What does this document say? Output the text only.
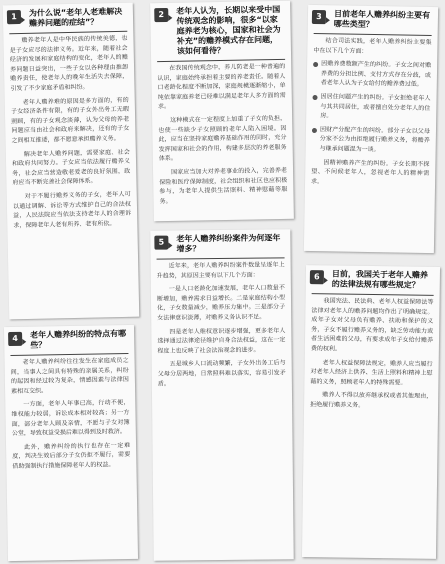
1	为什么说“老年人老难解决赡养问题的症结”？

赡养老年人是中华民族的传统美德，也是子女应尽的法律义务。近年来，随着社会经济的发展和家庭结构的变化，老年人的赡养问题日益突出，一些子女以各种理由推卸赡养责任，使老年人的晚年生活失去保障，引发了不少家庭矛盾和纠纷。

老年人赡养难的原因是多方面的，有的子女经济条件有限，有的子女外出务工无暇照顾，有的子女观念淡薄，认为父母的养老问题应当由社会和政府来解决，还有的子女之间相互推诿，都不愿意承担赡养义务。

解决老年人赡养问题，需要家庭、社会和政府共同努力。子女应当依法履行赡养义务，社会应当营造敬老爱老的良好氛围，政府应当不断完善社会保障体系。

对于不履行赡养义务的子女，老年人可以通过调解、诉讼等方式维护自己的合法权益，人民法院应当依法支持老年人的合理诉求，保障老年人老有所养、老有所依。

2	老年人认为，长期以来受中国传统观念的影响，很多“以家庭养老为核心，国家和社会为补充”的赡养模式存在问题，该如何看待？

在我国传统观念中，养儿防老是一种普遍的认识，家庭始终承担着主要的养老责任。随着人口老龄化程度不断加深，家庭规模逐渐缩小，单纯依靠家庭养老已经难以满足老年人多方面的需求。

这种模式在一定程度上加重了子女的负担，也使一些缺少子女照顾的老年人陷入困境。因此，应当在坚持家庭赡养基础作用的同时，充分发挥国家和社会的作用，构建多层次的养老服务体系。

国家应当加大对养老事业的投入，完善养老保险和医疗保障制度，社会组织和社区也应积极参与，为老年人提供生活照料、精神慰藉等服务。

3	目前老年人赡养纠纷主要有哪些类型？

结合司法实践，老年人赡养纠纷主要集中在以下几个方面：

因赡养费数额产生的纠纷。子女之间对赡养费的分担比例、支付方式存在分歧，或者老年人认为子女给付的赡养费过低。

因居住问题产生的纠纷。子女拒绝老年人与其共同居住，或者擅自处分老年人的住房。

因财产分配产生的纠纷。部分子女以父母分家不公为由拒绝履行赡养义务，将赡养与继承问题混为一谈。

因精神赡养产生的纠纷。子女长期不探望、不问候老年人，忽视老年人的精神需求。

4	老年人赡养纠纷的特点有哪些？

老年人赡养纠纷往往发生在家庭成员之间，当事人之间具有特殊的亲属关系，纠纷的起因和经过较为复杂，情感因素与法律因素相互交织。

一方面，老年人年事已高，行动不便，维权能力较弱，诉讼成本相对较高；另一方面，部分老年人顾及亲情，不愿与子女对簿公堂，导致权益受损后难以得到及时救济。

此外，赡养纠纷的执行也存在一定难度，判决生效后部分子女仍拒不履行，需要借助强制执行措施保障老年人的权益。

5	老年人赡养纠纷案件为何逐年增多？

近年来，老年人赡养纠纷案件数量呈逐年上升趋势，其原因主要有以下几个方面：

一是人口老龄化加速发展，老年人口数量不断增加，赡养需求日益增长。二是家庭结构小型化，子女数量减少，赡养压力集中。三是部分子女法律意识淡薄，对赡养义务认识不足。

四是老年人维权意识逐步增强，更多老年人选择通过法律途径维护自身合法权益，这在一定程度上也反映了社会法治观念的进步。

五是城乡人口流动频繁，子女外出务工后与父母分居两地，日常照料难以落实，容易引发矛盾。

6	目前，我国关于老年人赡养的法律法规有哪些规定？

我国宪法、民法典、老年人权益保障法等法律对老年人的赡养问题均作出了明确规定。成年子女对父母负有赡养、扶助和保护的义务，子女不履行赡养义务的，缺乏劳动能力或者生活困难的父母，有要求成年子女给付赡养费的权利。

老年人权益保障法规定，赡养人应当履行对老年人经济上供养、生活上照料和精神上慰藉的义务，照顾老年人的特殊需要。

赡养人不得以放弃继承权或者其他理由，拒绝履行赡养义务。
